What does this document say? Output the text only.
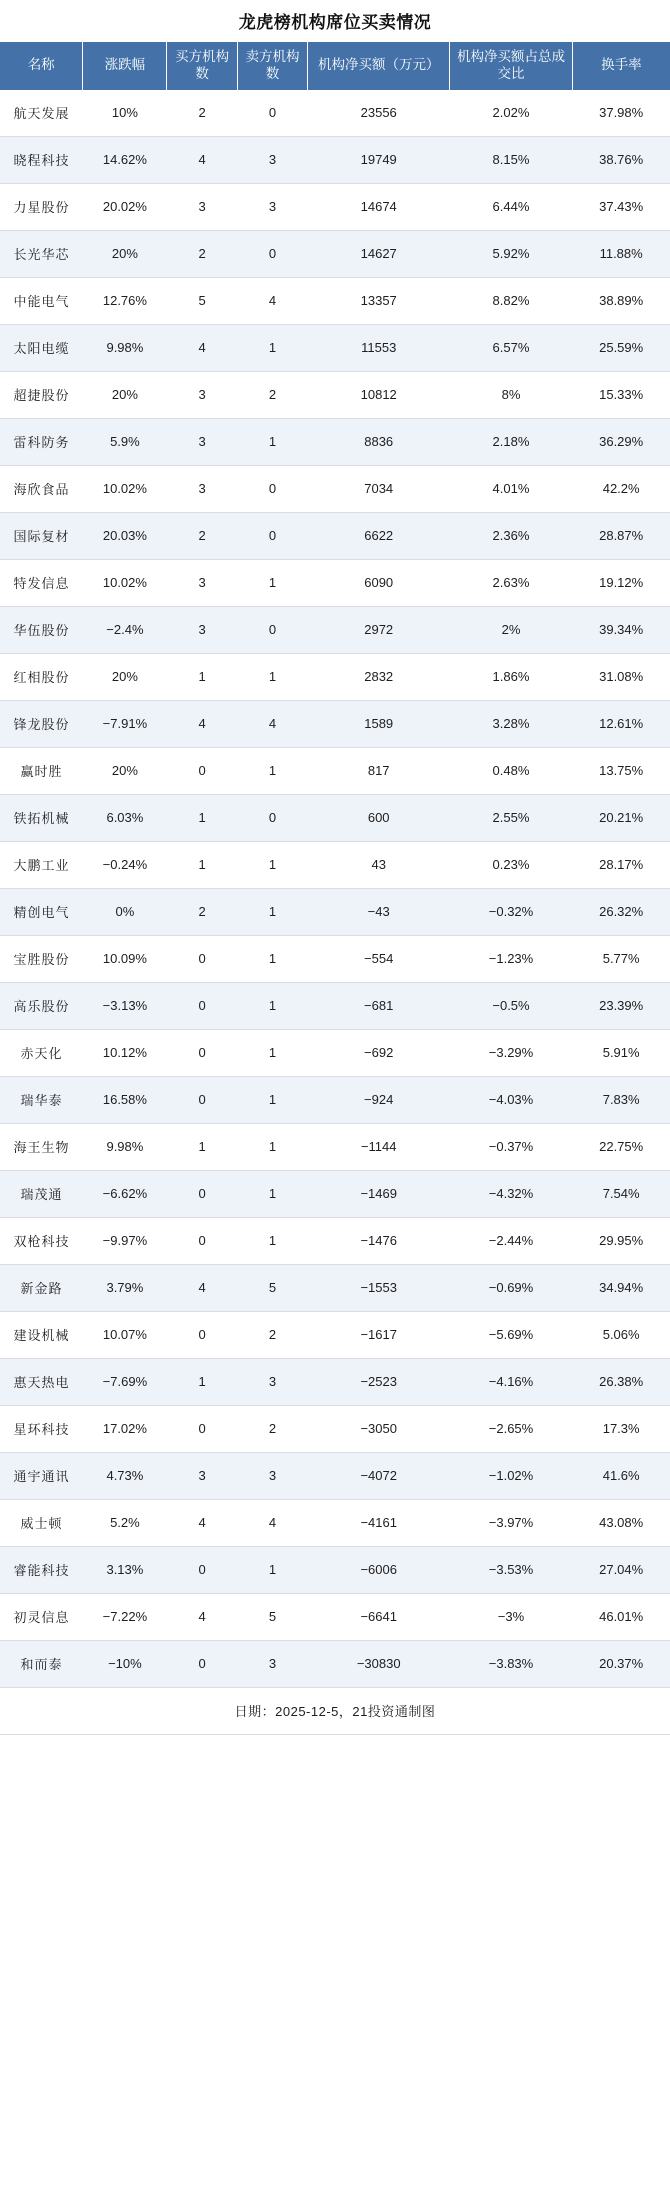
龙虎榜机构席位买卖情况
名称	涨跌幅	买方机构数	卖方机构数	机构净买额（万元）	机构净买额占总成交比	换手率
航天发展	10%	2	0	23556	2.02%	37.98%
晓程科技	14.62%	4	3	19749	8.15%	38.76%
力星股份	20.02%	3	3	14674	6.44%	37.43%
长光华芯	20%	2	0	14627	5.92%	11.88%
中能电气	12.76%	5	4	13357	8.82%	38.89%
太阳电缆	9.98%	4	1	11553	6.57%	25.59%
超捷股份	20%	3	2	10812	8%	15.33%
雷科防务	5.9%	3	1	8836	2.18%	36.29%
海欣食品	10.02%	3	0	7034	4.01%	42.2%
国际复材	20.03%	2	0	6622	2.36%	28.87%
特发信息	10.02%	3	1	6090	2.63%	19.12%
华伍股份	−2.4%	3	0	2972	2%	39.34%
红相股份	20%	1	1	2832	1.86%	31.08%
锋龙股份	−7.91%	4	4	1589	3.28%	12.61%
赢时胜	20%	0	1	817	0.48%	13.75%
铁拓机械	6.03%	1	0	600	2.55%	20.21%
大鹏工业	−0.24%	1	1	43	0.23%	28.17%
精创电气	0%	2	1	−43	−0.32%	26.32%
宝胜股份	10.09%	0	1	−554	−1.23%	5.77%
高乐股份	−3.13%	0	1	−681	−0.5%	23.39%
赤天化	10.12%	0	1	−692	−3.29%	5.91%
瑞华泰	16.58%	0	1	−924	−4.03%	7.83%
海王生物	9.98%	1	1	−1144	−0.37%	22.75%
瑞茂通	−6.62%	0	1	−1469	−4.32%	7.54%
双枪科技	−9.97%	0	1	−1476	−2.44%	29.95%
新金路	3.79%	4	5	−1553	−0.69%	34.94%
建设机械	10.07%	0	2	−1617	−5.69%	5.06%
惠天热电	−7.69%	1	3	−2523	−4.16%	26.38%
星环科技	17.02%	0	2	−3050	−2.65%	17.3%
通宇通讯	4.73%	3	3	−4072	−1.02%	41.6%
威士顿	5.2%	4	4	−4161	−3.97%	43.08%
睿能科技	3.13%	0	1	−6006	−3.53%	27.04%
初灵信息	−7.22%	4	5	−6641	−3%	46.01%
和而泰	−10%	0	3	−30830	−3.83%	20.37%
日期：2025-12-5，21投资通制图						
